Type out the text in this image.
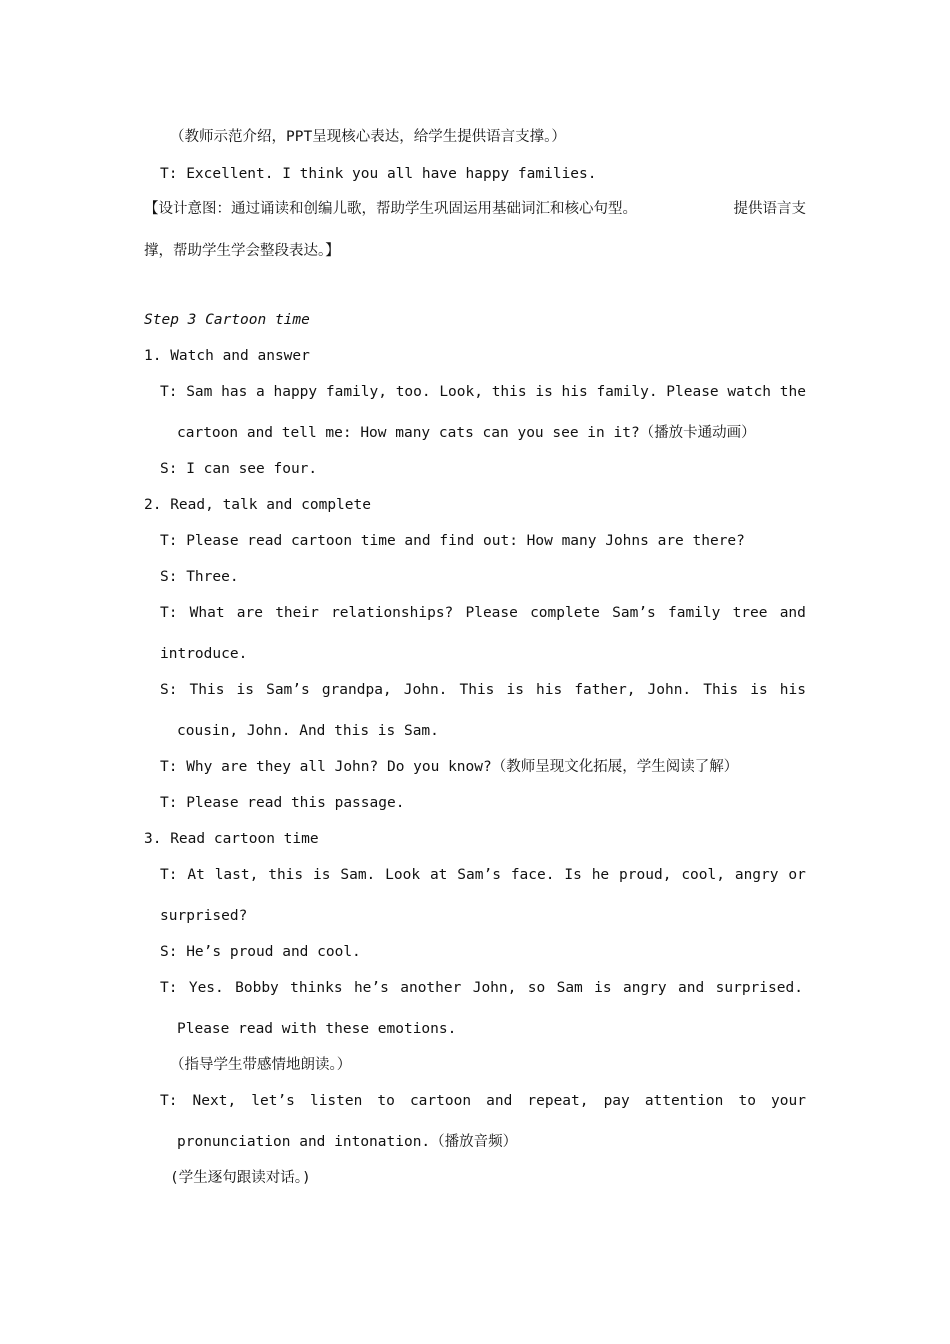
（教师示范介绍，PPT呈现核心表达，给学生提供语言支撑。）
T: Excellent. I think you all have happy families.
【设计意图：通过诵读和创编儿歌，帮助学生巩固运用基础词汇和核心句型。	提供语言支
撑，帮助学生学会整段表达。】
Step 3 Cartoon time
1. Watch and answer
T: Sam has a happy family, too. Look, this is his family. Please watch the
cartoon and tell me: How many cats can you see in it?（播放卡通动画）
S: I can see four.
2. Read, talk and complete
T: Please read cartoon time and find out: How many Johns are there?
S: Three.
T: What are their relationships? Please complete Sam’s family tree and
introduce.
S: This is Sam’s grandpa, John. This is his father, John. This is his
cousin, John. And this is Sam.
T: Why are they all John? Do you know?（教师呈现文化拓展，学生阅读了解）
T: Please read this passage.
3. Read cartoon time
T: At last, this is Sam. Look at Sam’s face. Is he proud, cool, angry or
surprised?
S: He’s proud and cool.
T: Yes. Bobby thinks he’s another John, so Sam is angry and surprised.
Please read with these emotions.
（指导学生带感情地朗读。）
T: Next, let’s listen to cartoon and repeat, pay attention to your
pronunciation and intonation.（播放音频）
(学生逐句跟读对话。)
